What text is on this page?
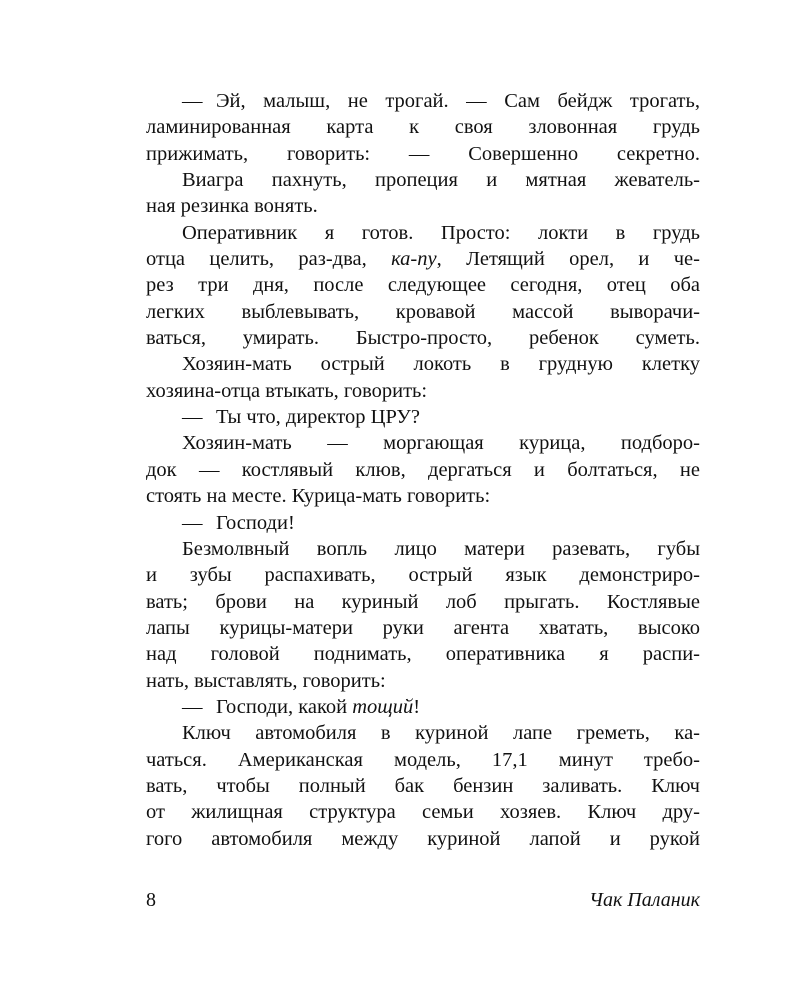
— Эй, малыш, не трогай. — Сам бейдж трогать,
ламинированная карта к своя зловонная грудь
прижимать, говорить: — Совершенно секретно.
Виагра пахнуть, пропеция и мятная жеватель-
ная резинка вонять.
Оперативник я готов. Просто: локти в грудь
отца целить, раз-два, ка-пу, Летящий орел, и че-
рез три дня, после следующее сегодня, отец оба
легких выблевывать, кровавой массой выворачи-
ваться, умирать. Быстро-просто, ребенок суметь.
Хозяин-мать острый локоть в грудную клетку
хозяина-отца втыкать, говорить:
— Ты что, директор ЦРУ?
Хозяин-мать — моргающая курица, подборо-
док — костлявый клюв, дергаться и болтаться, не
стоять на месте. Курица-мать говорить:
— Господи!
Безмолвный вопль лицо матери разевать, губы
и зубы распахивать, острый язык демонстриро-
вать; брови на куриный лоб прыгать. Костлявые
лапы курицы-матери руки агента хватать, высоко
над головой поднимать, оперативника я распи-
нать, выставлять, говорить:
— Господи, какой тощий!
Ключ автомобиля в куриной лапе греметь, ка-
чаться. Американская модель, 17,1 минут требо-
вать, чтобы полный бак бензин заливать. Ключ
от жилищная структура семьи хозяев. Ключ дру-
гого автомобиля между куриной лапой и рукой
8	Чак Паланик
